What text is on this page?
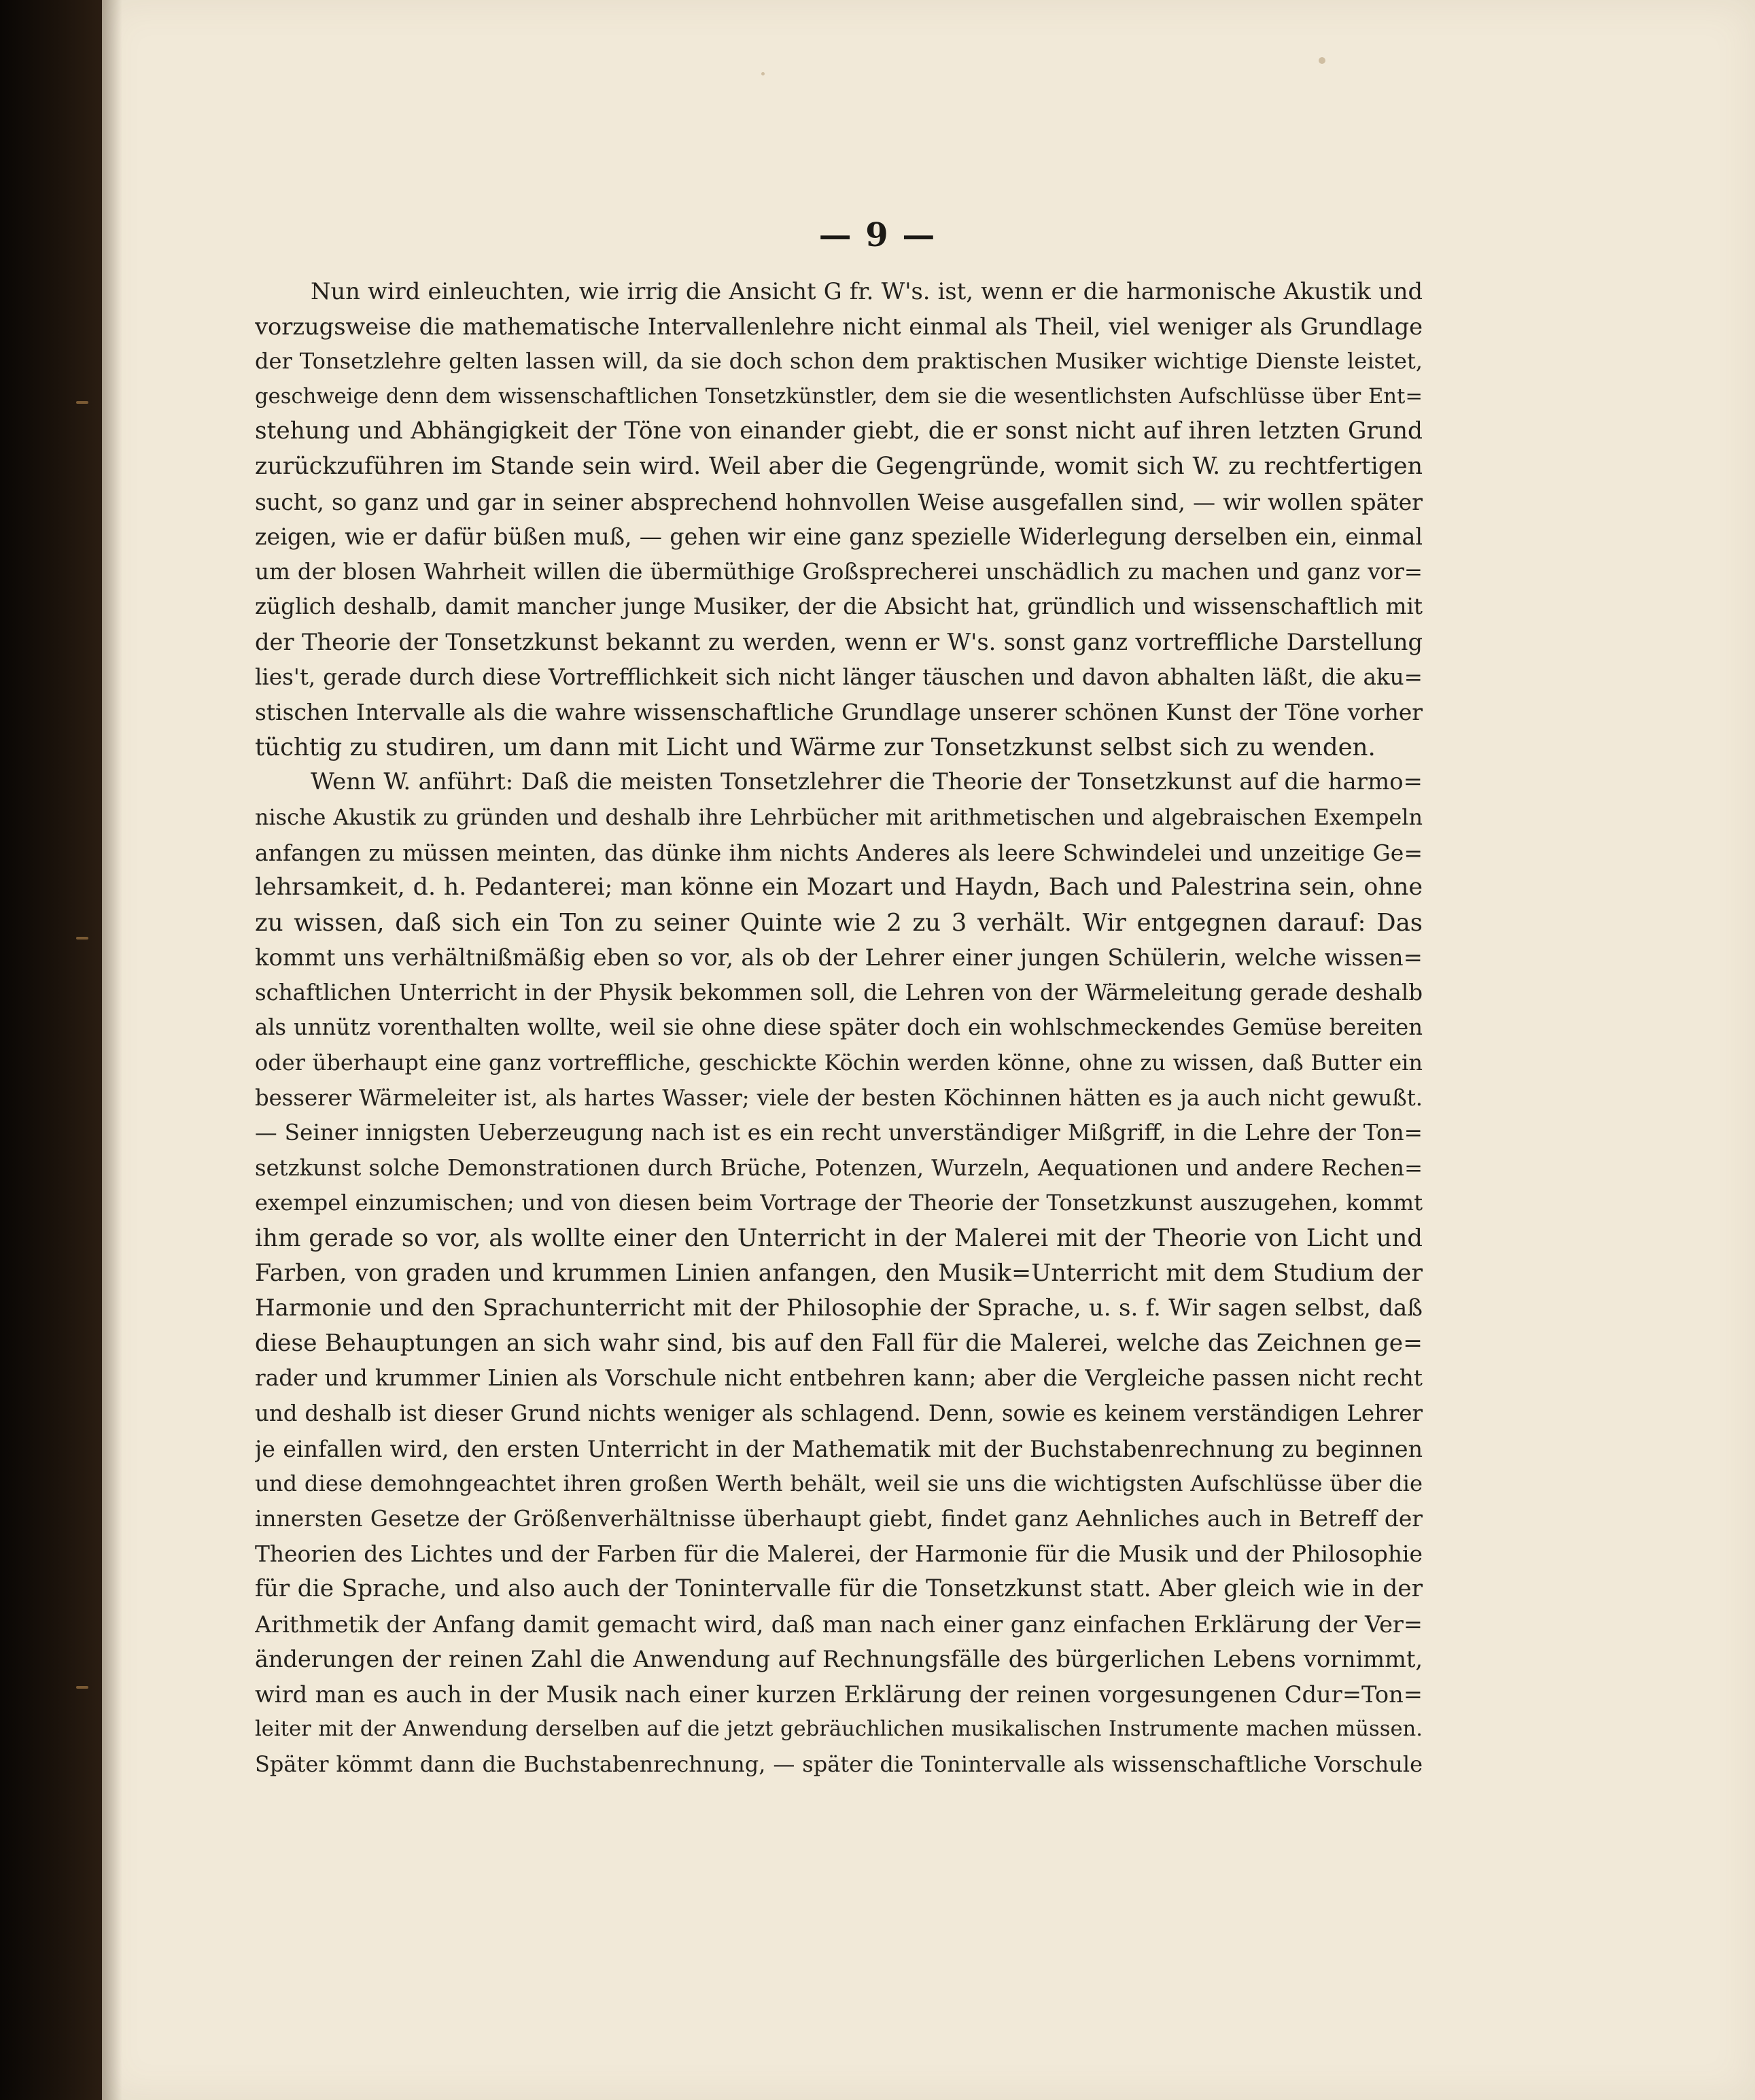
— 9 —
Nun wird einleuchten, wie irrig die Ansicht G fr. W's. ist, wenn er die harmonische Akustik und
vorzugsweise die mathematische Intervallenlehre nicht einmal als Theil, viel weniger als Grundlage
der Tonsetzlehre gelten lassen will, da sie doch schon dem praktischen Musiker wichtige Dienste leistet,
geschweige denn dem wissenschaftlichen Tonsetzkünstler, dem sie die wesentlichsten Aufschlüsse über Ent=
stehung und Abhängigkeit der Töne von einander giebt, die er sonst nicht auf ihren letzten Grund
zurückzuführen im Stande sein wird. Weil aber die Gegengründe, womit sich W. zu rechtfertigen
sucht, so ganz und gar in seiner absprechend hohnvollen Weise ausgefallen sind, — wir wollen später
zeigen, wie er dafür büßen muß, — gehen wir eine ganz spezielle Widerlegung derselben ein, einmal
um der blosen Wahrheit willen die übermüthige Großsprecherei unschädlich zu machen und ganz vor=
züglich deshalb, damit mancher junge Musiker, der die Absicht hat, gründlich und wissenschaftlich mit
der Theorie der Tonsetzkunst bekannt zu werden, wenn er W's. sonst ganz vortreffliche Darstellung
lies't, gerade durch diese Vortrefflichkeit sich nicht länger täuschen und davon abhalten läßt, die aku=
stischen Intervalle als die wahre wissenschaftliche Grundlage unserer schönen Kunst der Töne vorher
tüchtig zu studiren, um dann mit Licht und Wärme zur Tonsetzkunst selbst sich zu wenden.
Wenn W. anführt: Daß die meisten Tonsetzlehrer die Theorie der Tonsetzkunst auf die harmo=
nische Akustik zu gründen und deshalb ihre Lehrbücher mit arithmetischen und algebraischen Exempeln
anfangen zu müssen meinten, das dünke ihm nichts Anderes als leere Schwindelei und unzeitige Ge=
lehrsamkeit, d. h. Pedanterei; man könne ein Mozart und Haydn, Bach und Palestrina sein, ohne
zu wissen, daß sich ein Ton zu seiner Quinte wie 2 zu 3 verhält. Wir entgegnen darauf: Das
kommt uns verhältnißmäßig eben so vor, als ob der Lehrer einer jungen Schülerin, welche wissen=
schaftlichen Unterricht in der Physik bekommen soll, die Lehren von der Wärmeleitung gerade deshalb
als unnütz vorenthalten wollte, weil sie ohne diese später doch ein wohlschmeckendes Gemüse bereiten
oder überhaupt eine ganz vortreffliche, geschickte Köchin werden könne, ohne zu wissen, daß Butter ein
besserer Wärmeleiter ist, als hartes Wasser; viele der besten Köchinnen hätten es ja auch nicht gewußt.
— Seiner innigsten Ueberzeugung nach ist es ein recht unverständiger Mißgriff, in die Lehre der Ton=
setzkunst solche Demonstrationen durch Brüche, Potenzen, Wurzeln, Aequationen und andere Rechen=
exempel einzumischen; und von diesen beim Vortrage der Theorie der Tonsetzkunst auszugehen, kommt
ihm gerade so vor, als wollte einer den Unterricht in der Malerei mit der Theorie von Licht und
Farben, von graden und krummen Linien anfangen, den Musik=Unterricht mit dem Studium der
Harmonie und den Sprachunterricht mit der Philosophie der Sprache, u. s. f. Wir sagen selbst, daß
diese Behauptungen an sich wahr sind, bis auf den Fall für die Malerei, welche das Zeichnen ge=
rader und krummer Linien als Vorschule nicht entbehren kann; aber die Vergleiche passen nicht recht
und deshalb ist dieser Grund nichts weniger als schlagend. Denn, sowie es keinem verständigen Lehrer
je einfallen wird, den ersten Unterricht in der Mathematik mit der Buchstabenrechnung zu beginnen
und diese demohngeachtet ihren großen Werth behält, weil sie uns die wichtigsten Aufschlüsse über die
innersten Gesetze der Größenverhältnisse überhaupt giebt, findet ganz Aehnliches auch in Betreff der
Theorien des Lichtes und der Farben für die Malerei, der Harmonie für die Musik und der Philosophie
für die Sprache, und also auch der Tonintervalle für die Tonsetzkunst statt. Aber gleich wie in der
Arithmetik der Anfang damit gemacht wird, daß man nach einer ganz einfachen Erklärung der Ver=
änderungen der reinen Zahl die Anwendung auf Rechnungsfälle des bürgerlichen Lebens vornimmt,
wird man es auch in der Musik nach einer kurzen Erklärung der reinen vorgesungenen Cdur=Ton=
leiter mit der Anwendung derselben auf die jetzt gebräuchlichen musikalischen Instrumente machen müssen.
Später kömmt dann die Buchstabenrechnung, — später die Tonintervalle als wissenschaftliche Vorschule
